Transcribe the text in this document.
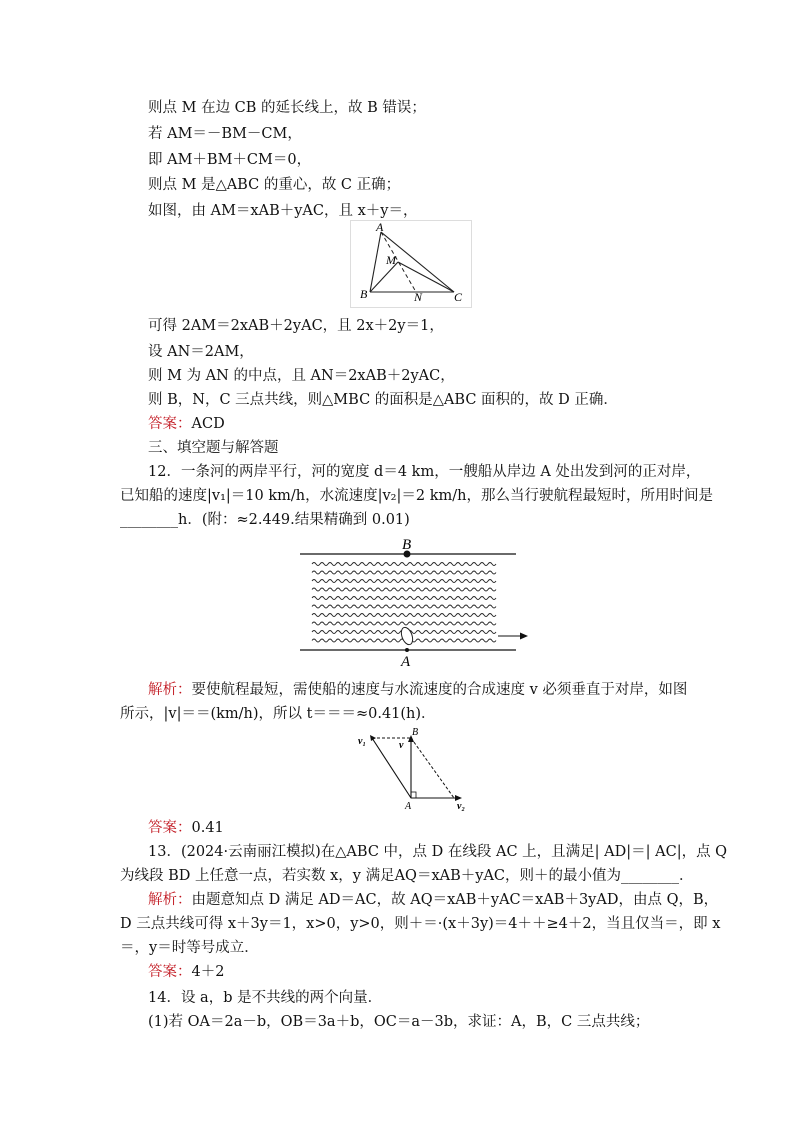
则点 M 在边 CB 的延长线上，故 B 错误；
若 AM＝－BM－CM，
即 AM＋BM＋CM＝0，
则点 M 是△ABC 的重心，故 C 正确；
如图，由 AM＝xAB＋yAC，且 x＋y＝，
A
M
B	N	C
可得 2AM＝2xAB＋2yAC，且 2x＋2y＝1，
设 AN＝2AM，
则 M 为 AN 的中点，且 AN＝2xAB＋2yAC，
则 B，N，C 三点共线，则△MBC 的面积是△ABC 面积的，故 D 正确．
答案：ACD
三、填空题与解答题
12．一条河的两岸平行，河的宽度 d＝4 km，一艘船从岸边 A 处出发到河的正对岸，
已知船的速度|v₁|＝10 km/h，水流速度|v₂|＝2 km/h，那么当行驶航程最短时，所用时间是
________h．(附：≈2.449.结果精确到 0.01)
B
A
解析：要使航程最短，需使船的速度与水流速度的合成速度 v 必须垂直于对岸，如图
所示，|v|＝＝(km/h)，所以 t＝＝＝≈0.41(h)．
v₁	v
B
A	v₂
答案：0.41
13．(2024·云南丽江模拟)在△ABC 中，点 D 在线段 AC 上，且满足| AD|＝| AC|，点 Q
为线段 BD 上任意一点，若实数 x，y 满足AQ＝xAB＋yAC，则＋的最小值为________．
解析：由题意知点 D 满足 AD＝AC，故 AQ＝xAB＋yAC＝xAB＋3yAD，由点 Q，B，
D 三点共线可得 x＋3y＝1，x>0，y>0，则＋＝·(x＋3y)＝4＋＋≥4＋2，当且仅当＝，即 x
＝，y＝时等号成立．
答案：4＋2
14．设 a，b 是不共线的两个向量．
(1)若 OA＝2a－b，OB＝3a＋b，OC＝a－3b，求证：A，B，C 三点共线；
